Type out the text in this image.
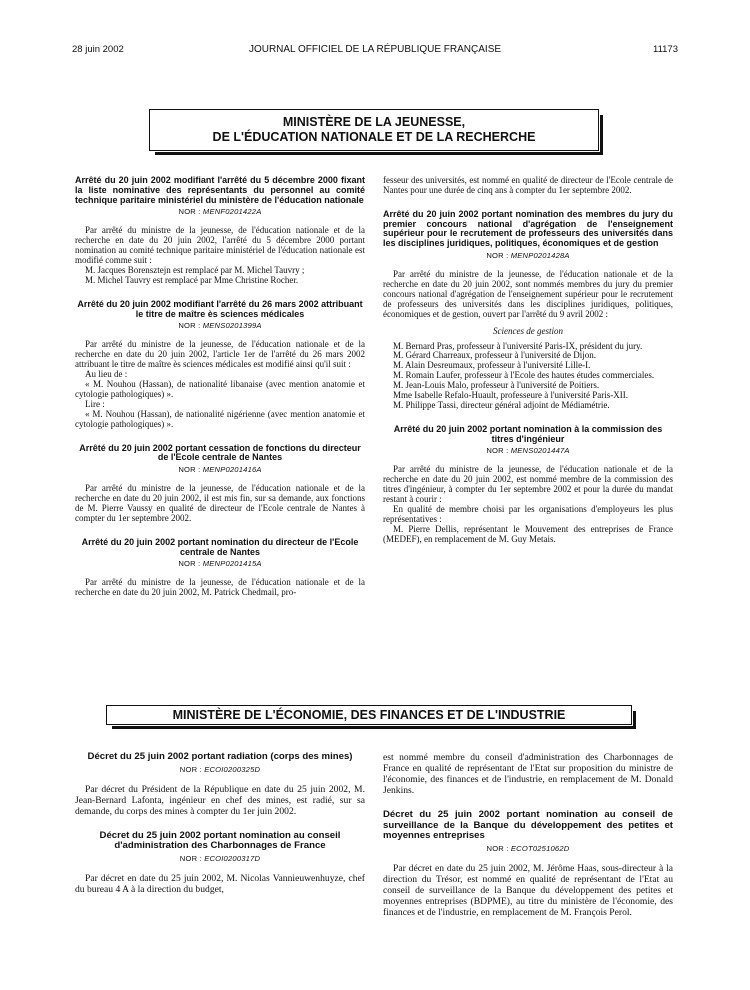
28 juin 2002	JOURNAL OFFICIEL DE LA RÉPUBLIQUE FRANÇAISE	11173
MINISTÈRE DE LA JEUNESSE,
DE L'ÉDUCATION NATIONALE ET DE LA RECHERCHE

Arrêté du 20 juin 2002 modifiant l'arrêté du 5 décembre 2000 fixant la liste nominative des représentants du personnel au comité technique paritaire ministériel du ministère de l'éducation nationale

NOR : MENF0201422A

Par arrêté du ministre de la jeunesse, de l'éducation nationale et de la recherche en date du 20 juin 2002, l'arrêté du 5 décembre 2000 portant nomination au comité technique paritaire ministériel de l'éducation nationale est modifié comme suit :

M. Jacques Borensztejn est remplacé par M. Michel Tauvry ;

M. Michel Tauvry est remplacé par Mme Christine Rocher.

Arrêté du 20 juin 2002 modifiant l'arrêté du 26 mars 2002 attribuant le titre de maître ès sciences médicales

NOR : MENS0201399A

Par arrêté du ministre de la jeunesse, de l'éducation nationale et de la recherche en date du 20 juin 2002, l'article 1er de l'arrêté du 26 mars 2002 attribuant le titre de maître ès sciences médicales est modifié ainsi qu'il suit :

Au lieu de :

« M. Nouhou (Hassan), de nationalité libanaise (avec mention anatomie et cytologie pathologiques) ».

Lire :

« M. Nouhou (Hassan), de nationalité nigérienne (avec mention anatomie et cytologie pathologiques) ».

Arrêté du 20 juin 2002 portant cessation de fonctions du directeur de l'Ecole centrale de Nantes

NOR : MENP0201416A

Par arrêté du ministre de la jeunesse, de l'éducation nationale et de la recherche en date du 20 juin 2002, il est mis fin, sur sa demande, aux fonctions de M. Pierre Vaussy en qualité de directeur de l'Ecole centrale de Nantes à compter du 1er septembre 2002.

Arrêté du 20 juin 2002 portant nomination du directeur de l'Ecole centrale de Nantes

NOR : MENP0201415A

Par arrêté du ministre de la jeunesse, de l'éducation nationale et de la recherche en date du 20 juin 2002, M. Patrick Chedmail, pro-

fesseur des universités, est nommé en qualité de directeur de l'Ecole centrale de Nantes pour une durée de cinq ans à compter du 1er septembre 2002.

Arrêté du 20 juin 2002 portant nomination des membres du jury du premier concours national d'agrégation de l'enseignement supérieur pour le recrutement de professeurs des universités dans les disciplines juridiques, politiques, économiques et de gestion

NOR : MENP0201428A

Par arrêté du ministre de la jeunesse, de l'éducation nationale et de la recherche en date du 20 juin 2002, sont nommés membres du jury du premier concours national d'agrégation de l'enseignement supérieur pour le recrutement de professeurs des universités dans les disciplines juridiques, politiques, économiques et de gestion, ouvert par l'arrêté du 9 avril 2002 :

Sciences de gestion

M. Bernard Pras, professeur à l'université Paris-IX, président du jury.

M. Gérard Charreaux, professeur à l'université de Dijon.

M. Alain Desreumaux, professeur à l'université Lille-I.

M. Romain Laufer, professeur à l'Ecole des hautes études commerciales.

M. Jean-Louis Malo, professeur à l'université de Poitiers.

Mme Isabelle Refalo-Huault, professeure à l'université Paris-XII.

M. Philippe Tassi, directeur général adjoint de Médiamétrie.

Arrêté du 20 juin 2002 portant nomination à la commission des titres d'ingénieur

NOR : MENS0201447A

Par arrêté du ministre de la jeunesse, de l'éducation nationale et de la recherche en date du 20 juin 2002, est nommé membre de la commission des titres d'ingénieur, à compter du 1er septembre 2002 et pour la durée du mandat restant à courir :

En qualité de membre choisi par les organisations d'employeurs les plus représentatives :

M. Pierre Dellis, représentant le Mouvement des entreprises de France (MEDEF), en remplacement de M. Guy Metais.

MINISTÈRE DE L'ÉCONOMIE, DES FINANCES ET DE L'INDUSTRIE

Décret du 25 juin 2002 portant radiation (corps des mines)

NOR : ECOI0200325D

Par décret du Président de la République en date du 25 juin 2002, M. Jean-Bernard Lafonta, ingénieur en chef des mines, est radié, sur sa demande, du corps des mines à compter du 1er juin 2002.

Décret du 25 juin 2002 portant nomination au conseil d'administration des Charbonnages de France

NOR : ECOI0200317D

Par décret en date du 25 juin 2002, M. Nicolas Vannieuwenhuyze, chef du bureau 4 A à la direction du budget,

est nommé membre du conseil d'administration des Charbonnages de France en qualité de représentant de l'Etat sur proposition du ministre de l'économie, des finances et de l'industrie, en remplacement de M. Donald Jenkins.

Décret du 25 juin 2002 portant nomination au conseil de surveillance de la Banque du développement des petites et moyennes entreprises

NOR : ECOT0251062D

Par décret en date du 25 juin 2002, M. Jérôme Haas, sous-directeur à la direction du Trésor, est nommé en qualité de représentant de l'Etat au conseil de surveillance de la Banque du développement des petites et moyennes entreprises (BDPME), au titre du ministère de l'économie, des finances et de l'industrie, en remplacement de M. François Perol.
